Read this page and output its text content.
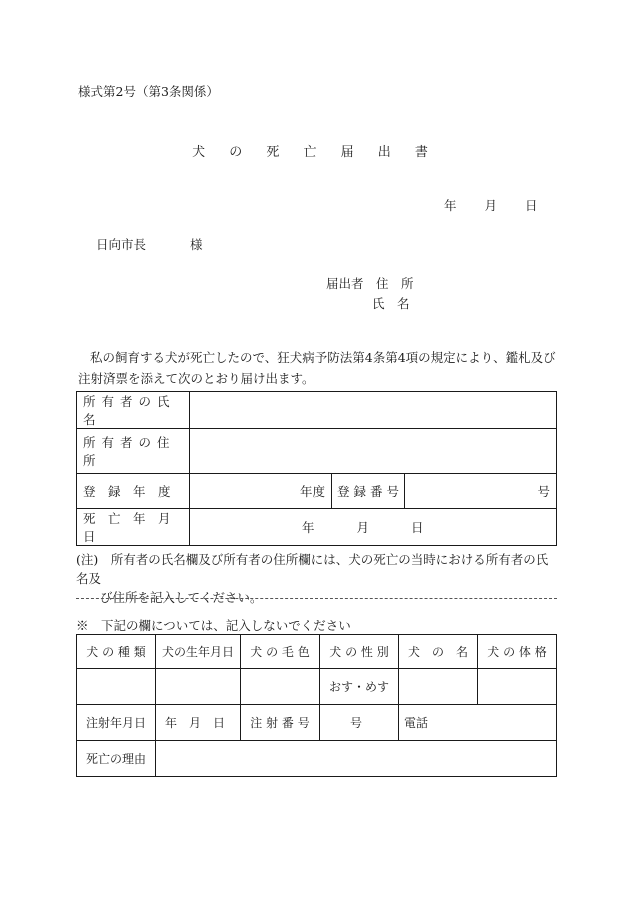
様式第2号（第3条関係）
犬 の 死 亡 届 出 書
年 月 日
日向市長	様
届出者　 住　所
氏　名
私の飼育する犬が死亡したので、狂犬病予防法第4条第4項の規定により、鑑札及び注射済票を添えて次のとおり届け出ます。
所有者の氏名			
所有者の住所			
登　録　年　度	年度	登 録 番 号	号
死　亡　年　月　日	年 月 日		
(注)　 所有者の氏名欄及び所有者の住所欄には、犬の死亡の当時における所有者の氏名及
び住所を記入してください。
※　下記の欄については、記入しないでください
犬 の 種 類	犬の生年月日	犬 の 毛 色	犬 の 性 別	犬　の　名	犬 の 体 格
			おす・めす		
注射年月日	年　月　日	注 射 番 号	号	電話	
死亡の理由					
